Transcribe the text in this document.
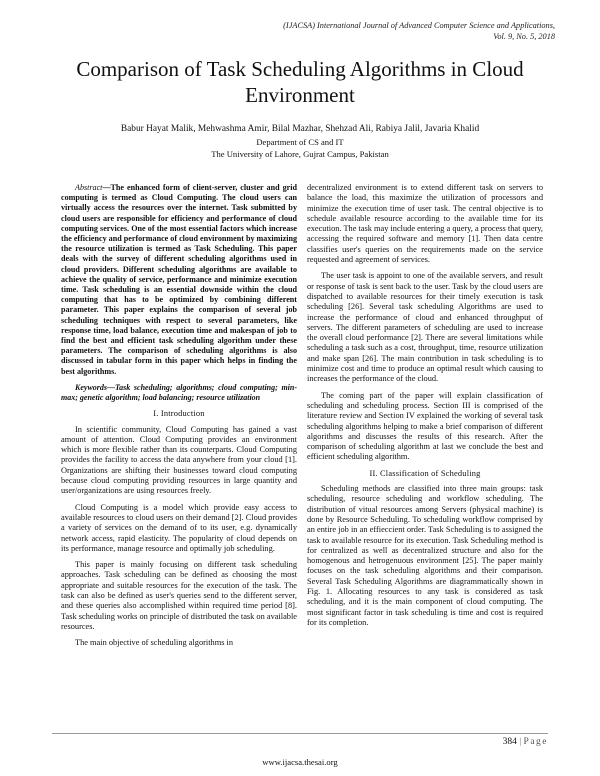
(IJACSA) International Journal of Advanced Computer Science and Applications,
Vol. 9, No. 5, 2018
Comparison of Task Scheduling Algorithms in Cloud Environment
Babur Hayat Malik, Mehwashma Amir, Bilal Mazhar, Shehzad Ali, Rabiya Jalil, Javaria Khalid
Department of CS and IT
The University of Lahore, Gujrat Campus, Pakistan

Abstract—The enhanced form of client-server, cluster and grid computing is termed as Cloud Computing. The cloud users can virtually access the resources over the internet. Task submitted by cloud users are responsible for efficiency and performance of cloud computing services. One of the most essential factors which increase the efficiency and performance of cloud environment by maximizing the resource utilization is termed as Task Scheduling. This paper deals with the survey of different scheduling algorithms used in cloud providers. Different scheduling algorithms are available to achieve the quality of service, performance and minimize execution time. Task scheduling is an essential downside within the cloud computing that has to be optimized by combining different parameter. This paper explains the comparison of several job scheduling techniques with respect to several parameters, like response time, load balance, execution time and makespan of job to find the best and efficient task scheduling algorithm under these parameters. The comparison of scheduling algorithms is also discussed in tabular form in this paper which helps in finding the best algorithms.

Keywords—Task scheduling; algorithms; cloud computing; min-max; genetic algorithm; load balancing; resource utilization

I. Introduction

In scientific community, Cloud Computing has gained a vast amount of attention. Cloud Computing provides an environment which is more flexible rather than its counterparts. Cloud Computing provides the facility to access the data anywhere from your cloud [1]. Organizations are shifting their businesses toward cloud computing because cloud computing providing resources in large quantity and user/organizations are using resources freely.

Cloud Computing is a model which provide easy access to available resources to cloud users on their demand [2]. Cloud provides a variety of services on the demand of to its user, e.g. dynamically network access, rapid elasticity. The popularity of cloud depends on its performance, manage resource and optimally job scheduling.

This paper is mainly focusing on different task scheduling approaches. Task scheduling can be defined as choosing the most appropriate and suitable resources for the execution of the task. The task can also be defined as user's queries send to the different server, and these queries also accomplished within required time period [8]. Task scheduling works on principle of distributed the task on available resources.

The main objective of scheduling algorithms in

decentralized environment is to extend different task on servers to balance the load, this maximize the utilization of processors and minimize the execution time of user task. The central objective is to schedule available resource according to the available time for its execution. The task may include entering a query, a process that query, accessing the required software and memory [1]. Then data centre classifies user's queries on the requirements made on the service requested and agreement of services.

The user task is appoint to one of the available servers, and result or response of task is sent back to the user. Task by the cloud users are dispatched to available resources for their timely execution is task scheduling [26]. Several task scheduling Algorithms are used to increase the performance of cloud and enhanced throughput of servers. The different parameters of scheduling are used to increase the overall cloud performance [2]. There are several limitations while scheduling a task such as a cost, throughput, time, resource utilization and make span [26]. The main contribution in task scheduling is to minimize cost and time to produce an optimal result which causing to increases the performance of the cloud.

The coming part of the paper will explain classification of scheduling and scheduling process. Section III is comprised of the literature review and Section IV explained the working of several task scheduling algorithms helping to make a brief comparison of different algorithms and discusses the results of this research. After the comparison of scheduling algorithm at last we conclude the best and efficient scheduling algorithm.

II. Classification of Scheduling

Scheduling methods are classified into three main groups: task scheduling, resource scheduling and workflow scheduling. The distribution of vitual resources among Servers (physical machine) is done by Resource Scheduling. To scheduling workflow comprised by an entire job in an effieccient order. Task Scheduling is to assigned the task to available resource for its execution. Task Scheduling method is for centralized as well as decentralized structure and also for the homogenous and hetrogenuous environment [25]. The paper mainly focuses on the task scheduling algorithms and their comparison. Several Task Scheduling Algorithms are diagrammatically shown in Fig. 1. Allocating resources to any task is considered as task scheduling, and it is the main component of cloud computing. The most significant factor in task scheduling is time and cost is required for its completion.

384 | Page
www.ijacsa.thesai.org
